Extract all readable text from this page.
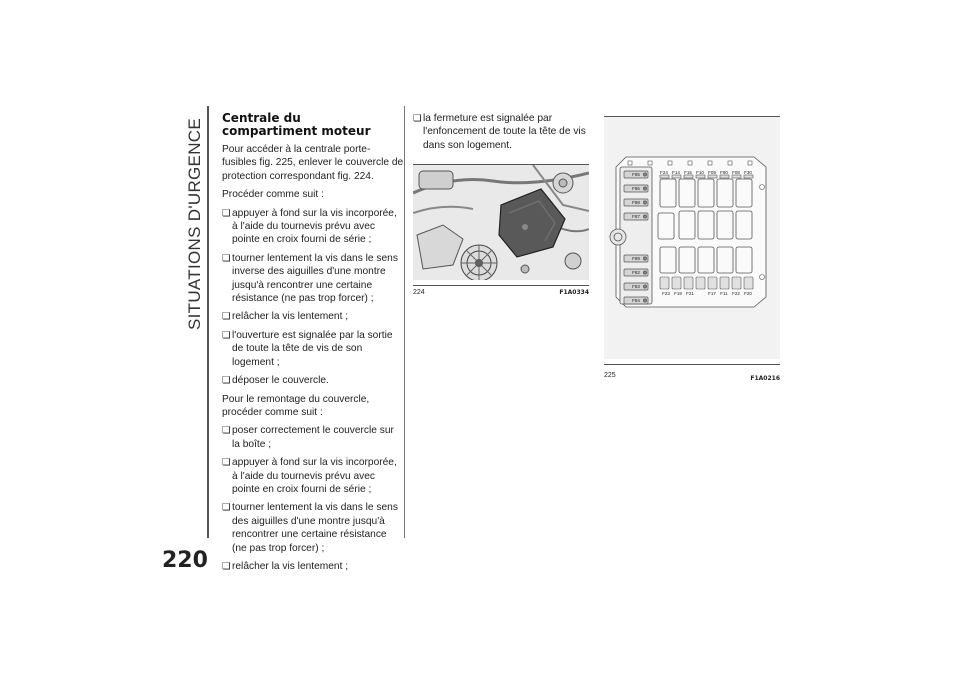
SITUATIONS D'URGENCE
220
Centrale du
compartiment moteur

Pour accéder à la centrale porte-fusibles fig. 225, enlever le couvercle de protection correspondant fig. 224.

Procéder comme suit :

❏ appuyer à fond sur la vis incorporée, à l'aide du tournevis prévu avec pointe en croix fourni de série ;
❏ tourner lentement la vis dans le sens inverse des aiguilles d'une montre jusqu'à rencontrer une certaine résistance (ne pas trop forcer) ;
❏ relâcher la vis lentement ;
❏ l'ouverture est signalée par la sortie de toute la tête de vis de son logement ;
❏ déposer le couvercle.

Pour le remontage du couvercle, procéder comme suit :

❏ poser correctement le couvercle sur la boîte ;
❏ appuyer à fond sur la vis incorporée, à l'aide du tournevis prévu avec pointe en croix fourni de série ;
❏ tourner lentement la vis dans le sens des aiguilles d'une montre jusqu'à rencontrer une certaine résistance (ne pas trop forcer) ;
❏ relâcher la vis lentement ;
❏ la fermeture est signalée par l'enfoncement de toute la tête de vis dans son logement.
224	F1A0334
F85
F86
F88
F87
F89
F82
F83
F84
F24 F14 F15 F10 F09 F90 F08 F30
F23 F19 F21	F17 F11 F22 F20
225	F1A0216
